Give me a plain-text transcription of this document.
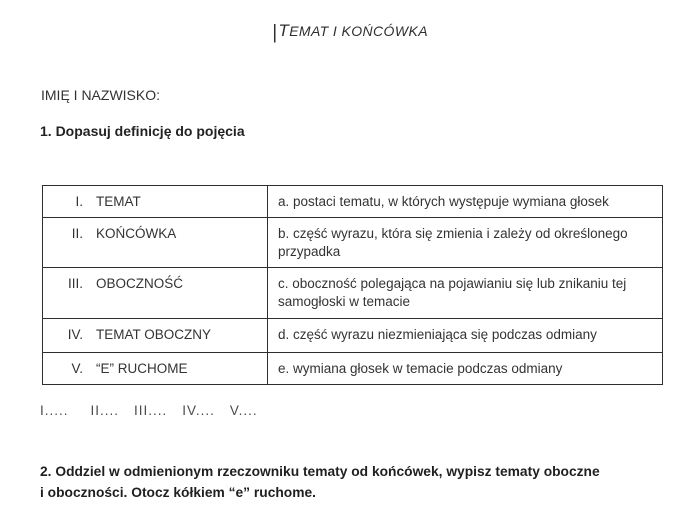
|TEMAT I KOŃCÓWKA
IMIĘ I NAZWISKO:
1. Dopasuj definicję do pojęcia
I. TEMAT	a. postaci tematu, w których występuje wymiana głosek
II. KOŃCÓWKA	b. część wyrazu, która się zmienia i zależy od określonego przypadka
III. OBOCZNOŚĆ	c. oboczność polegająca na pojawianiu się lub znikaniu tej samogłoski w temacie
IV. TEMAT OBOCZNY	d. część wyrazu niezmieniająca się podczas odmiany
V. “E” RUCHOME	e. wymiana głosek w temacie podczas odmiany
I..... II.... III.... IV.... V....
2. Oddziel w odmienionym rzeczowniku tematy od końcówek, wypisz tematy oboczne
i oboczności. Otocz kółkiem “e” ruchome.
